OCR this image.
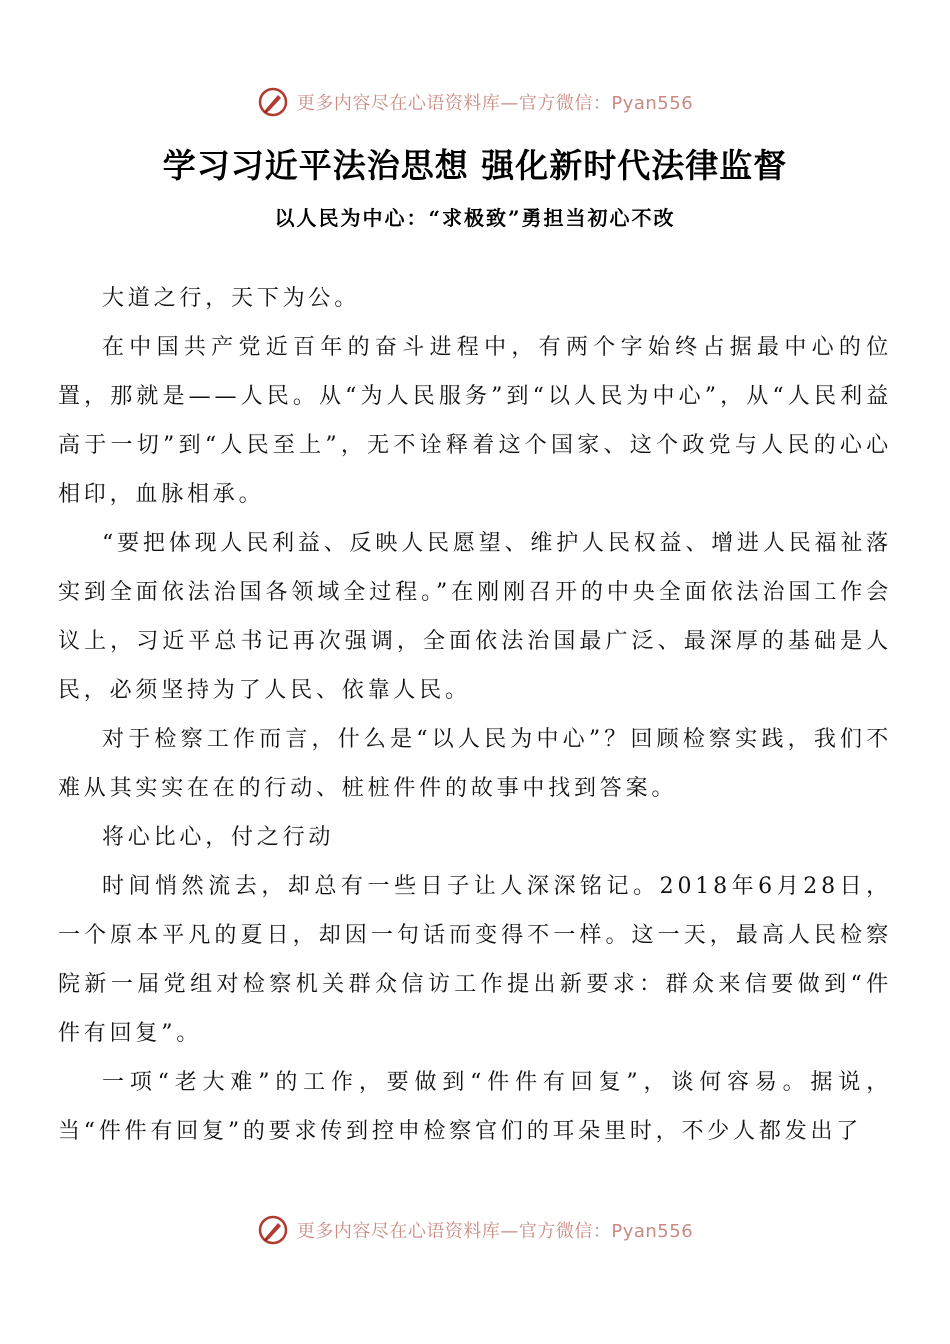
更多内容尽在心语资料库—官方微信：Pyan556
学习习近平法治思想 强化新时代法律监督
以人民为中心：“求极致”勇担当初心不改

大道之行，天下为公。

在中国共产党近百年的奋斗进程中，有两个字始终占据最中心的位置，那就是——人民。从“为人民服务”到“以人民为中心”，从“人民利益高于一切”到“人民至上”，无不诠释着这个国家、这个政党与人民的心心相印，血脉相承。

“要把体现人民利益、反映人民愿望、维护人民权益、增进人民福祉落实到全面依法治国各领域全过程。”在刚刚召开的中央全面依法治国工作会议上，习近平总书记再次强调，全面依法治国最广泛、最深厚的基础是人民，必须坚持为了人民、依靠人民。

对于检察工作而言，什么是“以人民为中心”？回顾检察实践，我们不难从其实实在在的行动、桩桩件件的故事中找到答案。

将心比心，付之行动

时间悄然流去，却总有一些日子让人深深铭记。2018年6月28日，一个原本平凡的夏日，却因一句话而变得不一样。这一天，最高人民检察院新一届党组对检察机关群众信访工作提出新要求：群众来信要做到“件件有回复”。

一项“老大难”的工作，要做到“件件有回复”，谈何容易。据说，当“件件有回复”的要求传到控申检察官们的耳朵里时，不少人都发出了

更多内容尽在心语资料库—官方微信：Pyan556
